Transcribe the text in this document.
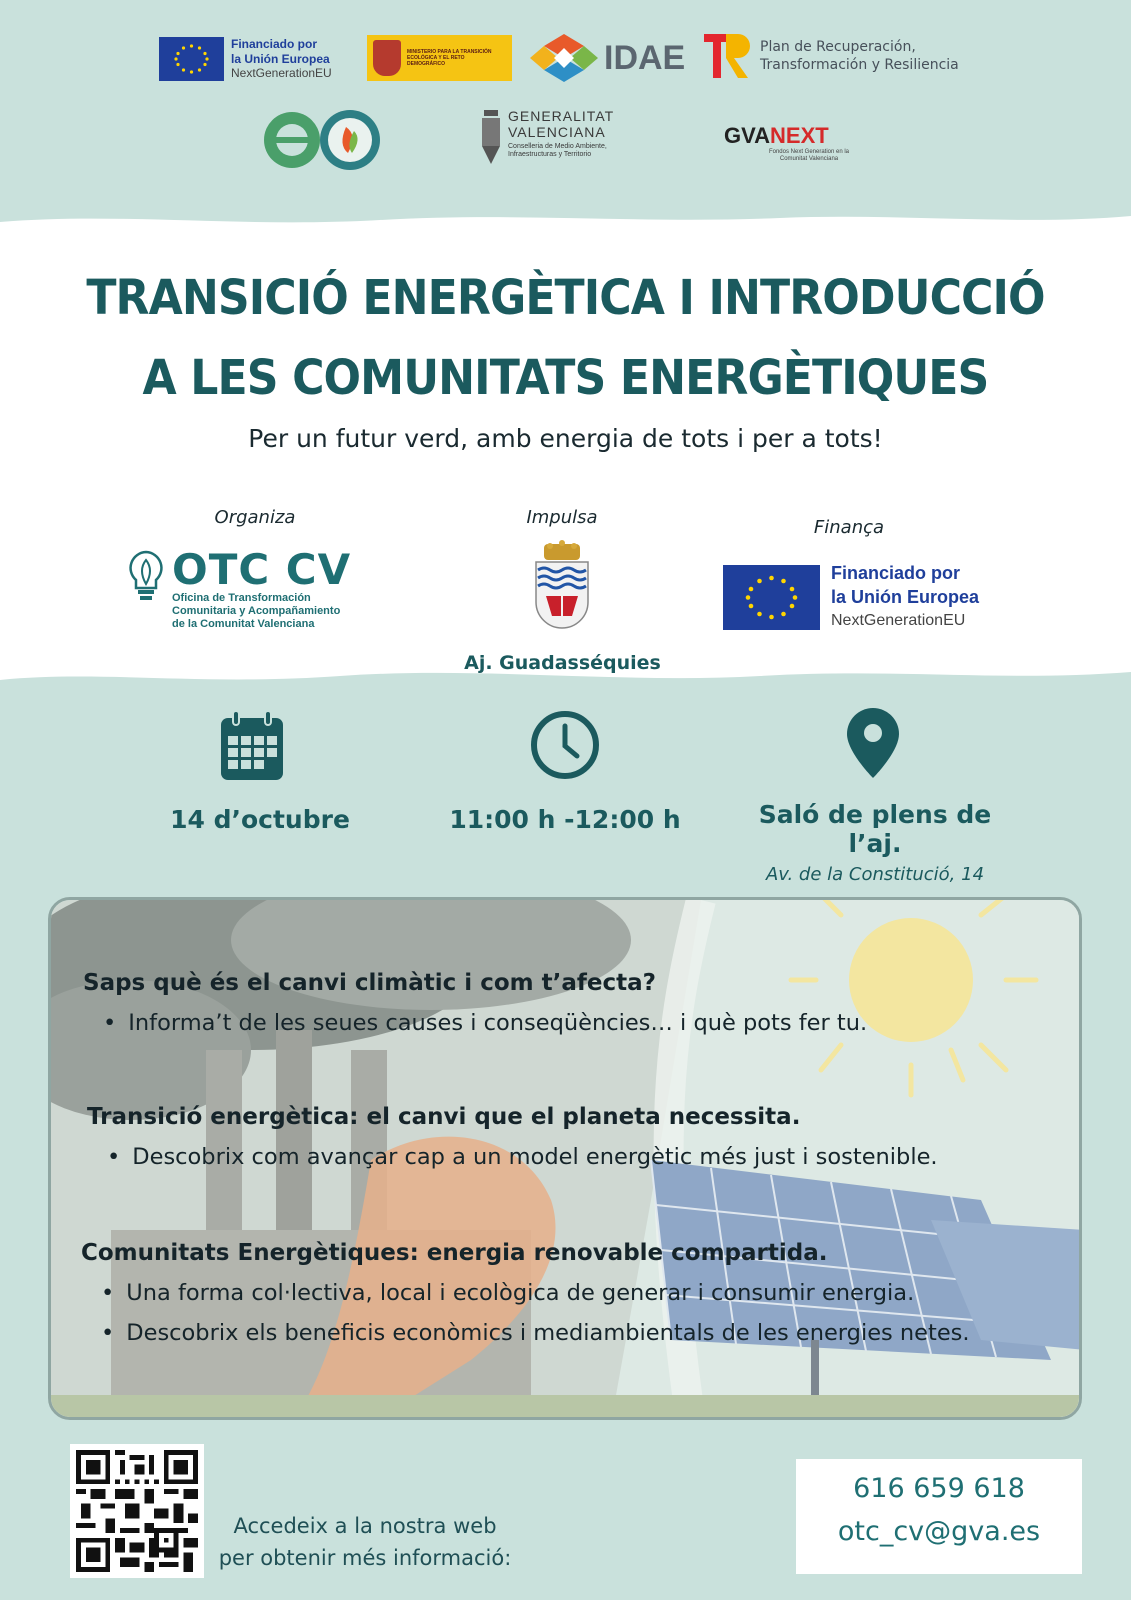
Financiado por
la Unión Europea
NextGenerationEU
MINISTERIO PARA LA TRANSICIÓN ECOLÓGICA Y EL RETO DEMOGRÁFICO	IDAE	Plan de Recuperación,
Transformación y Resiliencia
GENERALITAT
VALENCIANA
Conselleria de Medio Ambiente, Infraestructuras y Territorio
GVANEXT
Fondos Next Generation en la Comunitat Valenciana
TRANSICIÓ ENERGÈTICA I INTRODUCCIÓ
A LES COMUNITATS ENERGÈTIQUES
Per un futur verd, amb energia de tots i per a tots!
Organiza
OTC CV
Oficina de Transformación
Comunitaria y Acompañamiento
de la Comunitat Valenciana
Impulsa
Aj. Guadasséquies
Finança
Financiado por
la Unión Europea
NextGenerationEU
14 d’octubre	11:00 h -12:00 h	Saló de plens de l’aj.
Av. de la Constitució, 14
Saps què és el canvi climàtic i com t’afecta?
• Informa’t de les seues causes i conseqüències… i què pots fer tu.
Transició energètica: el canvi que el planeta necessita.
• Descobrix com avançar cap a un model energètic més just i sostenible.
Comunitats Energètiques: energia renovable compartida.
• Una forma col·lectiva, local i ecològica de generar i consumir energia.
• Descobrix els beneficis econòmics i mediambientals de les energies netes.
Accedeix a la nostra web
per obtenir més informació:
616 659 618
otc_cv@gva.es
